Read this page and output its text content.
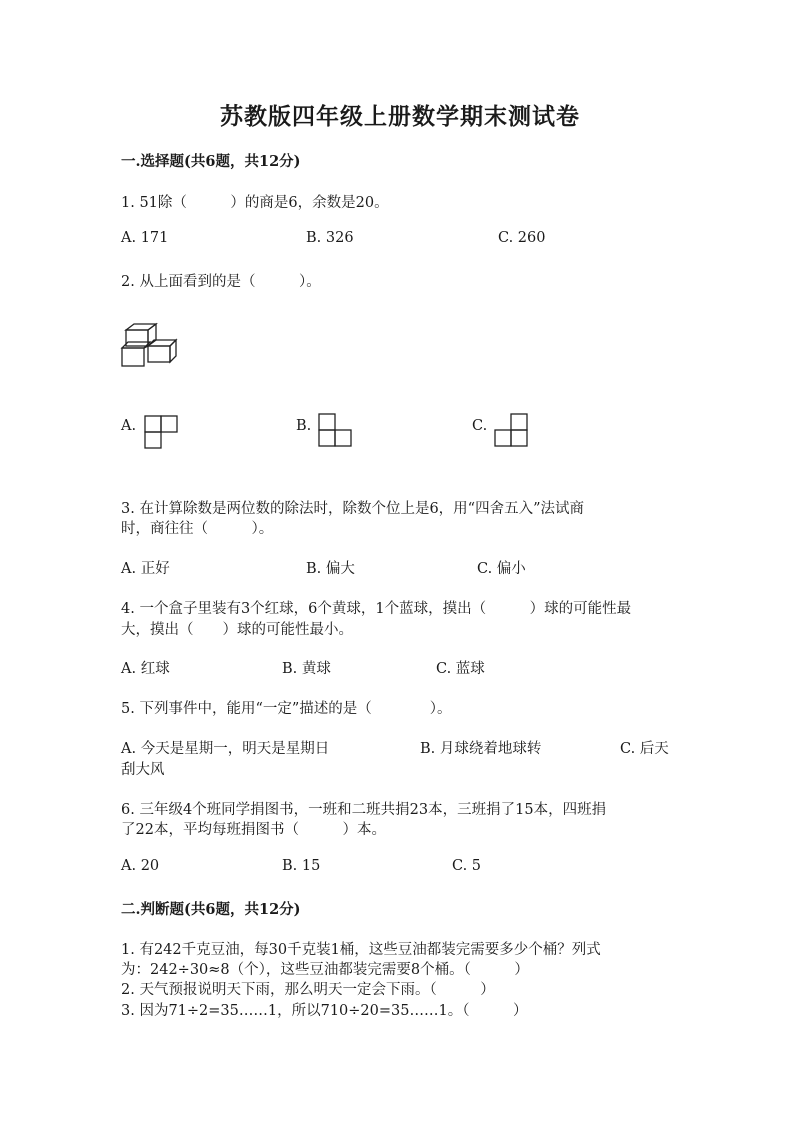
苏教版四年级上册数学期末测试卷
一.选择题(共6题，共12分)
1. 51除（　　　）的商是6，余数是20。
A. 171	B. 326	C. 260
2. 从上面看到的是（　　　）。
A.	B.	C.
3. 在计算除数是两位数的除法时，除数个位上是6，用“四舍五入”法试商
时，商往往（　　　）。
A. 正好	B. 偏大	C. 偏小
4. 一个盒子里装有3个红球，6个黄球，1个蓝球，摸出（　　　）球的可能性最
大，摸出（　　）球的可能性最小。
A. 红球	B. 黄球	C. 蓝球
5. 下列事件中，能用“一定”描述的是（　　　　）。
A. 今天是星期一，明天是星期日	B. 月球绕着地球转	C. 后天
刮大风
6. 三年级4个班同学捐图书，一班和二班共捐23本，三班捐了15本，四班捐
了22本，平均每班捐图书（　　　）本。
A. 20	B. 15	C. 5
二.判断题(共6题，共12分)
1. 有242千克豆油，每30千克装1桶，这些豆油都装完需要多少个桶？列式
为：242÷30≈8（个），这些豆油都装完需要8个桶。（　　　）
2. 天气预报说明天下雨，那么明天一定会下雨。（　　　）
3. 因为71÷2=35……1，所以710÷20=35……1。（　　　）
